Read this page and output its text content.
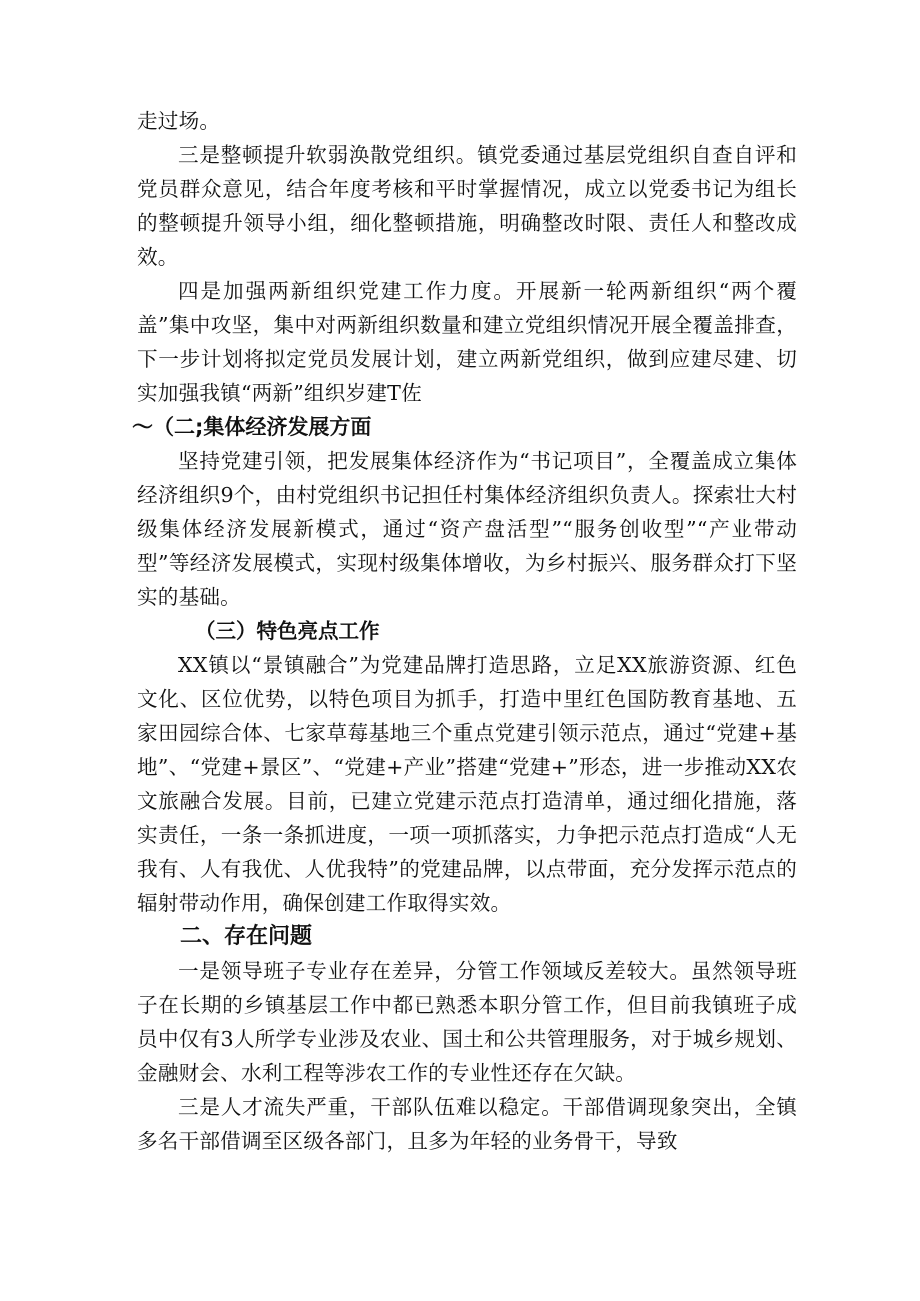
走过场。

三是整顿提升软弱涣散党组织。镇党委通过基层党组织自查自评和党员群众意见，结合年度考核和平时掌握情况，成立以党委书记为组长的整顿提升领导小组，细化整顿措施，明确整改时限、责任人和整改成效。

四是加强两新组织党建工作力度。开展新一轮两新组织“两个覆盖”集中攻坚，集中对两新组织数量和建立党组织情况开展全覆盖排查，下一步计划将拟定党员发展计划，建立两新党组织，做到应建尽建、切实加强我镇“两新”组织岁建T佐

〜（二;集体经济发展方面

坚持党建引领，把发展集体经济作为“书记项目”，全覆盖成立集体经济组织9个，由村党组织书记担任村集体经济组织负责人。探索壮大村级集体经济发展新模式，通过“资产盘活型”“服务创收型”“产业带动型”等经济发展模式，实现村级集体增收，为乡村振兴、服务群众打下坚实的基础。

（三）特色亮点工作

XX镇以“景镇融合”为党建品牌打造思路，立足XX旅游资源、红色文化、区位优势，以特色项目为抓手，打造中里红色国防教育基地、五家田园综合体、七家草莓基地三个重点党建引领示范点，通过“党建+基地”、“党建+景区”、“党建+产业”搭建“党建+”形态，进一步推动XX农文旅融合发展。目前，已建立党建示范点打造清单，通过细化措施，落实责任，一条一条抓进度，一项一项抓落实，力争把示范点打造成“人无我有、人有我优、人优我特”的党建品牌，以点带面，充分发挥示范点的辐射带动作用，确保创建工作取得实效。

二、存在问题

一是领导班子专业存在差异，分管工作领域反差较大。虽然领导班子在长期的乡镇基层工作中都已熟悉本职分管工作，但目前我镇班子成员中仅有3人所学专业涉及农业、国土和公共管理服务，对于城乡规划、金融财会、水利工程等涉农工作的专业性还存在欠缺。

三是人才流失严重，干部队伍难以稳定。干部借调现象突出，全镇多名干部借调至区级各部门，且多为年轻的业务骨干，导致
